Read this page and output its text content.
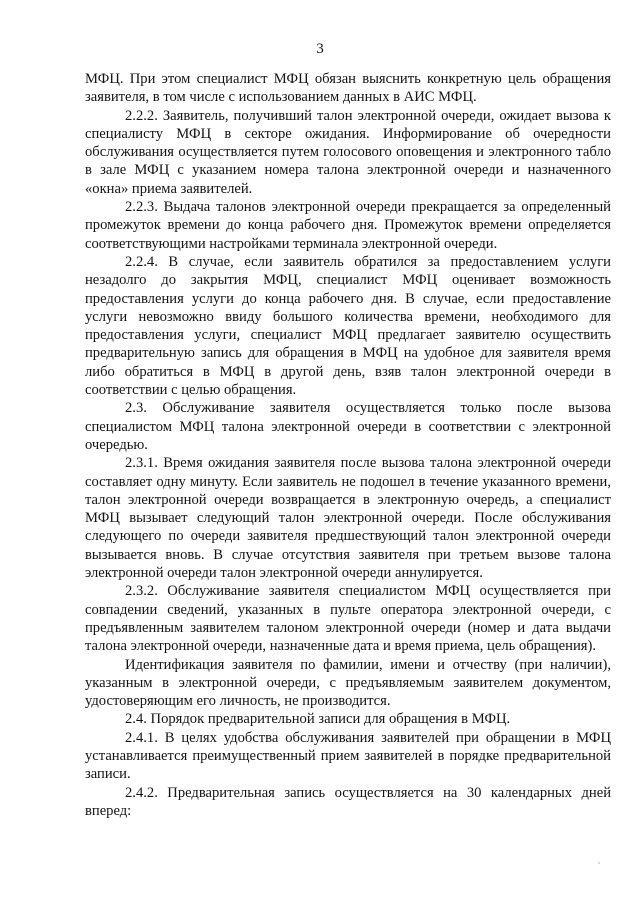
3

МФЦ. При этом специалист МФЦ обязан выяснить конкретную цель обращения заявителя, в том числе с использованием данных в АИС МФЦ.

2.2.2. Заявитель, получивший талон электронной очереди, ожидает вызова к специалисту МФЦ в секторе ожидания. Информирование об очередности обслуживания осуществляется путем голосового оповещения и электронного табло в зале МФЦ с указанием номера талона электронной очереди и назначенного «окна» приема заявителей.

2.2.3. Выдача талонов электронной очереди прекращается за определенный промежуток времени до конца рабочего дня. Промежуток времени определяется соответствующими настройками терминала электронной очереди.

2.2.4. В случае, если заявитель обратился за предоставлением услуги незадолго до закрытия МФЦ, специалист МФЦ оценивает возможность предоставления услуги до конца рабочего дня. В случае, если предоставление услуги невозможно ввиду большого количества времени, необходимого для предоставления услуги, специалист МФЦ предлагает заявителю осуществить предварительную запись для обращения в МФЦ на удобное для заявителя время либо обратиться в МФЦ в другой день, взяв талон электронной очереди в соответствии с целью обращения.

2.3. Обслуживание заявителя осуществляется только после вызова специалистом МФЦ талона электронной очереди в соответствии с электронной очередью.

2.3.1. Время ожидания заявителя после вызова талона электронной очереди составляет одну минуту. Если заявитель не подошел в течение указанного времени, талон электронной очереди возвращается в электронную очередь, а специалист МФЦ вызывает следующий талон электронной очереди. После обслуживания следующего по очереди заявителя предшествующий талон электронной очереди вызывается вновь. В случае отсутствия заявителя при третьем вызове талона электронной очереди талон электронной очереди аннулируется.

2.3.2. Обслуживание заявителя специалистом МФЦ осуществляется при совпадении сведений, указанных в пульте оператора электронной очереди, с предъявленным заявителем талоном электронной очереди (номер и дата выдачи талона электронной очереди, назначенные дата и время приема, цель обращения).

Идентификация заявителя по фамилии, имени и отчеству (при наличии), указанным в электронной очереди, с предъявляемым заявителем документом, удостоверяющим его личность, не производится.

2.4. Порядок предварительной записи для обращения в МФЦ.

2.4.1. В целях удобства обслуживания заявителей при обращении в МФЦ устанавливается преимущественный прием заявителей в порядке предварительной записи.

2.4.2. Предварительная запись осуществляется на 30 календарных дней вперед:
